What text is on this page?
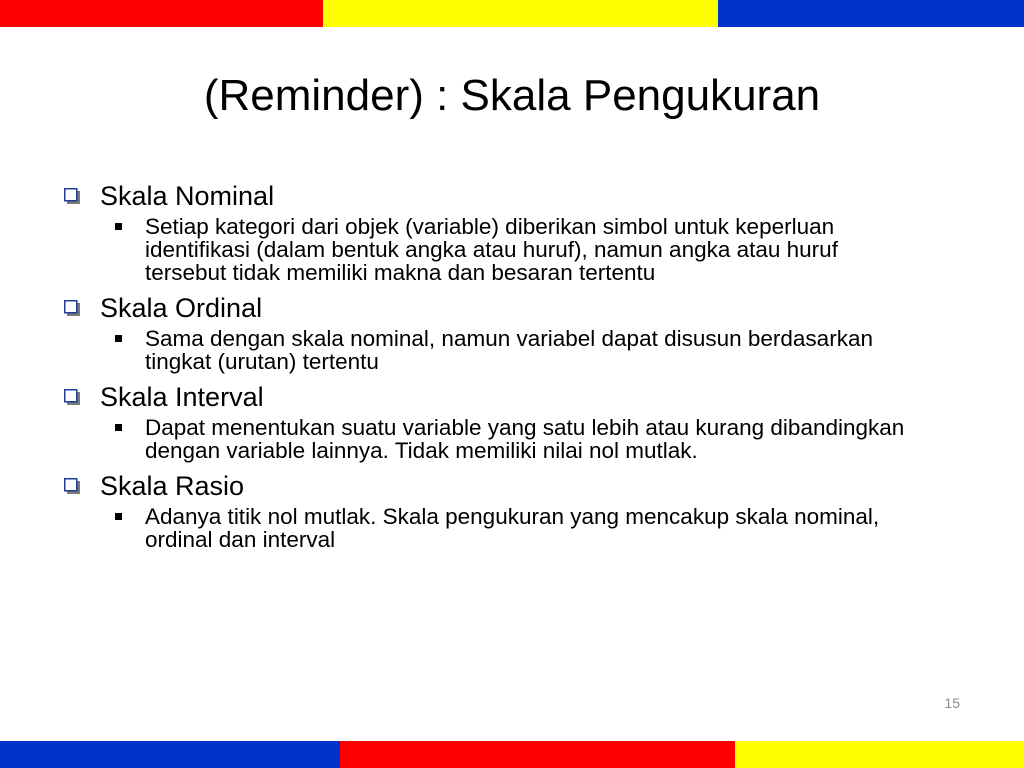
(Reminder) : Skala Pengukuran
Skala Nominal
Setiap kategori dari objek (variable) diberikan simbol untuk keperluan identifikasi (dalam bentuk angka atau huruf), namun angka atau huruf tersebut tidak memiliki makna dan besaran tertentu
Skala Ordinal
Sama dengan skala nominal, namun variabel dapat disusun berdasarkan tingkat (urutan) tertentu
Skala Interval
Dapat menentukan suatu variable yang satu lebih atau kurang dibandingkan dengan variable lainnya. Tidak memiliki nilai nol mutlak.
Skala Rasio
Adanya titik nol mutlak. Skala pengukuran yang mencakup skala nominal, ordinal dan interval
15
